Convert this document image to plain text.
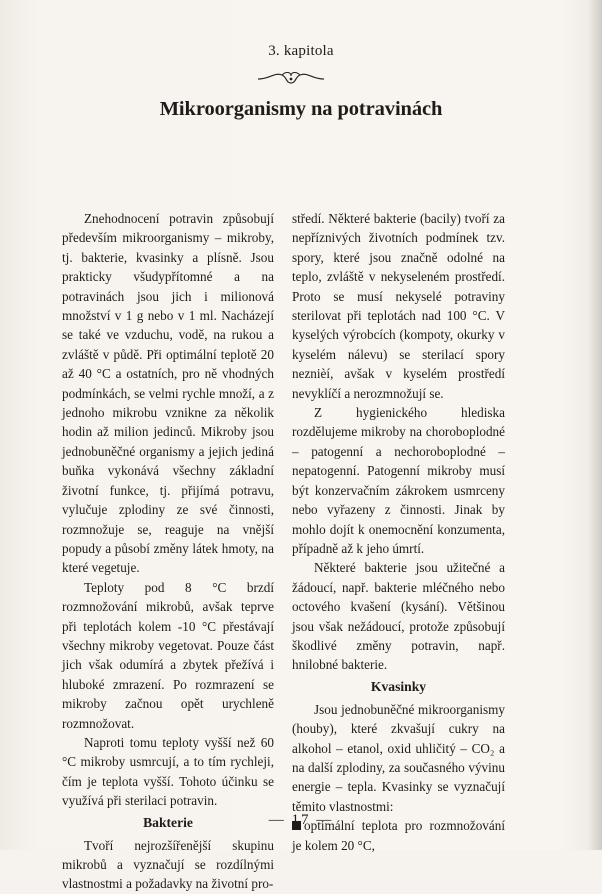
3. kapitola
Mikroorganismy na potravinách

Znehodnocení potravin způsobují především mikroorganismy – mikroby, tj. bakterie, kvasinky a plísně. Jsou prakticky všudypřítomné a na potravinách jsou jich i milionová množství v 1 g nebo v 1 ml. Nacházejí se také ve vzduchu, vodě, na rukou a zvláště v půdě. Při optimální teplotě 20 až 40 °C a ostatních, pro ně vhodných podmínkách, se velmi rychle množí, a z jednoho mikrobu vznikne za několik hodin až milion jedinců. Mikroby jsou jednobuněčné organismy a jejich jediná buňka vykonává všechny základní životní funkce, tj. přijímá potravu, vylučuje zplodiny ze své činnosti, rozmnožuje se, reaguje na vnější popudy a působí změny látek hmoty, na které vegetuje.

Teploty pod 8 °C brzdí rozmnožování mikrobů, avšak teprve při teplotách kolem -10 °C přestávají všechny mikroby vegetovat. Pouze část jich však odumírá a zbytek přežívá i hluboké zmrazení. Po rozmrazení se mikroby začnou opět urychleně rozmnožovat.

Naproti tomu teploty vyšší než 60 °C mikroby usmrcují, a to tím rychleji, čím je teplota vyšší. Tohoto účinku se využívá při sterilaci potravin.

Bakterie

Tvoří nejrozšířenější skupinu mikrobů a vyznačují se rozdílnými vlastnostmi a požadavky na životní pro-

středí. Některé bakterie (bacily) tvoří za nepříznivých životních podmínek tzv. spory, které jsou značně odolné na teplo, zvláště v nekyseleném prostředí. Proto se musí nekyselé potraviny sterilovat při teplotách nad 100 °C. V kyselých výrobcích (kompoty, okurky v kyselém nálevu) se sterilací spory neznièí, avšak v kyselém prostředí nevyklíčí a nerozmnožují se.

Z hygienického hlediska rozdělujeme mikroby na choroboplodné – patogenní a nechoroboplodné – nepatogenní. Patogenní mikroby musí být konzervačním zákrokem usmrceny nebo vyřazeny z činnosti. Jinak by mohlo dojít k onemocnění konzumenta, případně až k jeho úmrtí.

Některé bakterie jsou užitečné a žádoucí, např. bakterie mléčného nebo octového kvašení (kysání). Většinou jsou však nežádoucí, protože způsobují škodlivé změny potravin, např. hnilobné bakterie.

Kvasinky

Jsou jednobuněčné mikroorganismy (houby), které zkvašují cukry na alkohol – etanol, oxid uhličitý – CO₂ a na další zplodiny, za současného vývinu energie – tepla. Kvasinky se vyznačují těmito vlastnostmi:

optimální teplota pro rozmnožování je kolem 20 °C,

— 17 —
